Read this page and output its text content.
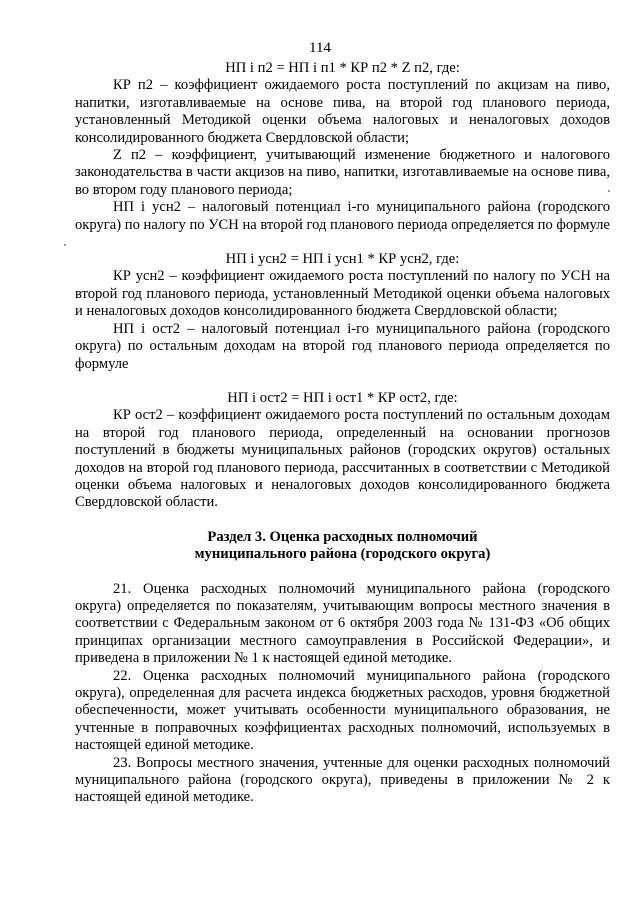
114

НП i п2 = НП i п1 * КР п2 * Z п2, где:

КР п2 – коэффициент ожидаемого роста поступлений по акцизам на пиво, напитки, изготавливаемые на основе пива, на второй год планового периода, установленный Методикой оценки объема налоговых и неналоговых доходов консолидированного бюджета Свердловской области;

Z п2 – коэффициент, учитывающий изменение бюджетного и налогового законодательства в части акцизов на пиво, напитки, изготавливаемые на основе пива, во втором году планового периода;

НП i усн2 – налоговый потенциал i-го муниципального района (городского округа) по налогу по УСН на второй год планового периода определяется по формуле

НП i усн2 = НП i усн1 * КР усн2, где:

КР усн2 – коэффициент ожидаемого роста поступлений по налогу по УСН на второй год планового периода, установленный Методикой оценки объема налоговых и неналоговых доходов консолидированного бюджета Свердловской области;

НП i ост2 – налоговый потенциал i-го муниципального района (городского округа) по остальным доходам на второй год планового периода определяется по формуле

НП i ост2 = НП i ост1 * КР ост2, где:

КР ост2 – коэффициент ожидаемого роста поступлений по остальным доходам на второй год планового периода, определенный на основании прогнозов поступлений в бюджеты муниципальных районов (городских округов) остальных доходов на второй год планового периода, рассчитанных в соответствии с Методикой оценки объема налоговых и неналоговых доходов консолидированного бюджета Свердловской области.

Раздел 3. Оценка расходных полномочий

муниципального района (городского округа)

21. Оценка расходных полномочий муниципального района (городского округа) определяется по показателям, учитывающим вопросы местного значения в соответствии с Федеральным законом от 6 октября 2003 года № 131-ФЗ «Об общих принципах организации местного самоуправления в Российской Федерации», и приведена в приложении № 1 к настоящей единой методике.

22. Оценка расходных полномочий муниципального района (городского округа), определенная для расчета индекса бюджетных расходов, уровня бюджетной обеспеченности, может учитывать особенности муниципального образования, не учтенные в поправочных коэффициентах расходных полномочий, используемых в настоящей единой методике.

23. Вопросы местного значения, учтенные для оценки расходных полномочий муниципального района (городского округа), приведены в приложении № 2 к настоящей единой методике.
